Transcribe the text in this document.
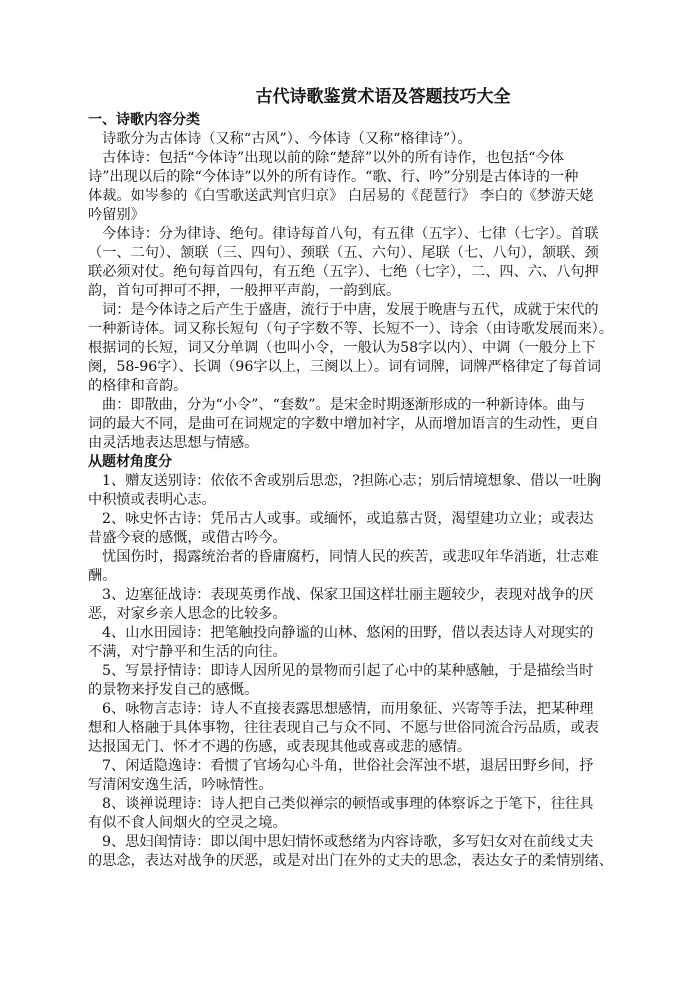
古代诗歌鉴赏术语及答题技巧大全
一、诗歌内容分类
诗歌分为古体诗（又称“古风”）、今体诗（又称“格律诗”）。
古体诗：包括“今体诗”出现以前的除“楚辞”以外的所有诗作，也包括“今体
诗”出现以后的除“今体诗”以外的所有诗作。“歌、行、吟”分别是古体诗的一种
体裁。如岑参的《白雪歌送武判官归京》 白居易的《琵琶行》 李白的《梦游天姥
吟留别》
今体诗：分为律诗、绝句。律诗每首八句，有五律（五字）、七律（七字）。首联
（一、二句）、颔联（三、四句）、颈联（五、六句）、尾联（七、八句），颔联、颈
联必须对仗。绝句每首四句，有五绝（五字）、七绝（七字），二、四、六、八句押
韵，首句可押可不押，一般押平声韵，一韵到底。
词：是今体诗之后产生于盛唐，流行于中唐，发展于晚唐与五代，成就于宋代的
一种新诗体。词又称长短句（句子字数不等、长短不一）、诗余（由诗歌发展而来）。
根据词的长短，词又分单调（也叫小令，一般认为58字以内）、中调（一般分上下
阕，58-96字）、长调（96字以上，三阕以上）。词有词牌，词牌严格律定了每首词
的格律和音韵。
曲：即散曲，分为“小令”、“套数”。是宋金时期逐渐形成的一种新诗体。曲与
词的最大不同，是曲可在词规定的字数中增加衬字，从而增加语言的生动性，更自
由灵活地表达思想与情感。
从题材角度分
1、赠友送别诗：依依不舍或别后思恋，?担陈心志；别后情境想象、借以一吐胸
中积愤或表明心志。
2、咏史怀古诗：凭吊古人或事。或缅怀，或追慕古贤，渴望建功立业；或表达
昔盛今衰的感慨，或借古吟今。
忧国伤时，揭露统治者的昏庸腐朽，同情人民的疾苦，或悲叹年华消逝，壮志难
酬。
3、边塞征战诗：表现英勇作战、保家卫国这样壮丽主题较少，表现对战争的厌
恶，对家乡亲人思念的比较多。
4、山水田园诗：把笔触投向静谧的山林、悠闲的田野，借以表达诗人对现实的
不满，对宁静平和生活的向往。
5、写景抒情诗：即诗人因所见的景物而引起了心中的某种感触，于是描绘当时
的景物来抒发自己的感慨。
6、咏物言志诗：诗人不直接表露思想感情，而用象征、兴寄等手法，把某种理
想和人格融于具体事物，往往表现自己与众不同、不愿与世俗同流合污品质，或表
达报国无门、怀才不遇的伤感，或表现其他或喜或悲的感情。
7、闲适隐逸诗：看惯了官场勾心斗角，世俗社会浑浊不堪，退居田野乡间，抒
写清闲安逸生活，吟咏情性。
8、谈禅说理诗：诗人把自己类似禅宗的顿悟或事理的体察诉之于笔下，往往具
有似不食人间烟火的空灵之境。
9、思妇闺情诗：即以闺中思妇情怀或愁绪为内容诗歌，多写妇女对在前线丈夫
的思念，表达对战争的厌恶，或是对出门在外的丈夫的思念，表达女子的柔情别绪、
